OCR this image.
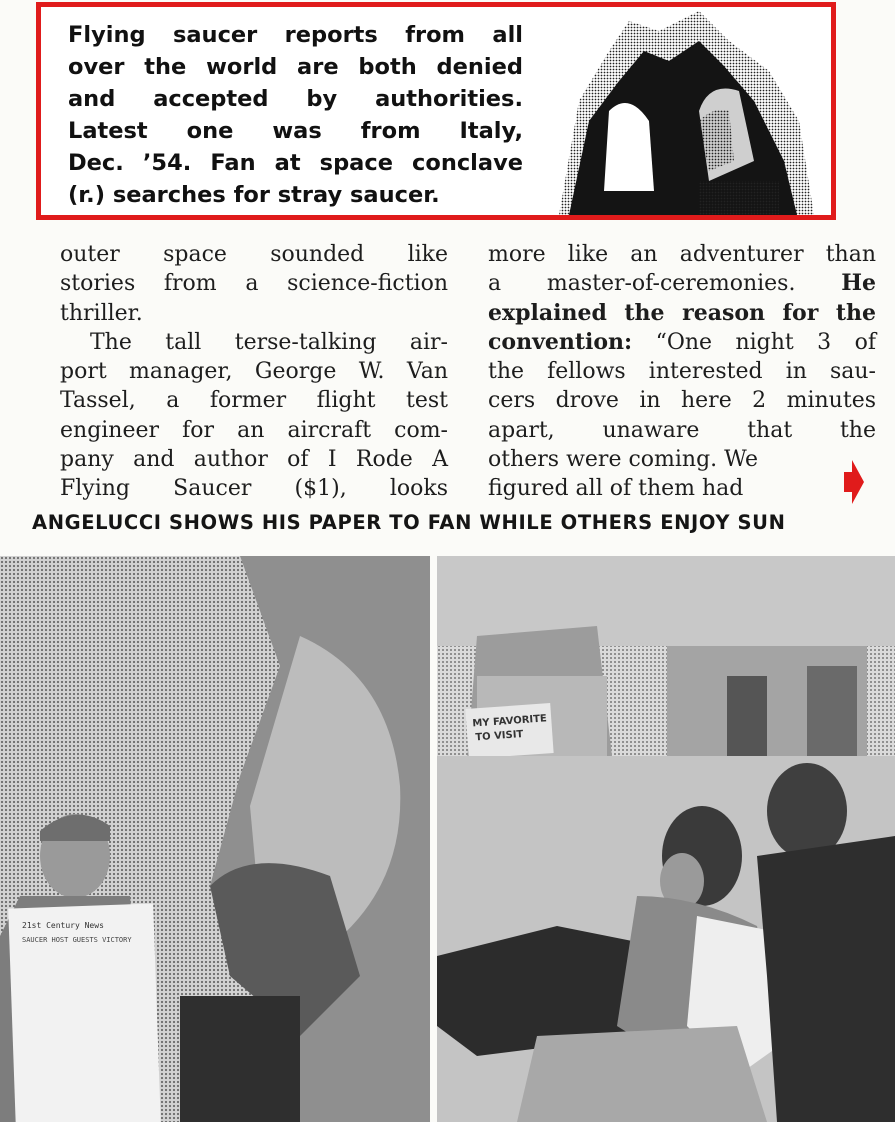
Flying saucer reports from all
over the world are both denied
and accepted by authorities.
Latest one was from Italy,
Dec. ’54. Fan at space conclave
(r.) searches for stray saucer.
outer space sounded like
stories from a science-fiction
thriller.
The tall terse-talking air-
port manager, George W. Van
Tassel, a former flight test
engineer for an aircraft com-
pany and author of I Rode A
Flying Saucer ($1), looks
more like an adventurer than
a master-of-ceremonies. He
explained the reason for the
convention: “One night 3 of
the fellows interested in sau-
cers drove in here 2 minutes
apart, unaware that the
others were coming. We
figured all of them had
ANGELUCCI SHOWS HIS PAPER TO FAN WHILE OTHERS ENJOY SUN
21st Century News
SAUCER HOST GUESTS VICTORY
MY FAVORITE
TO VISIT
